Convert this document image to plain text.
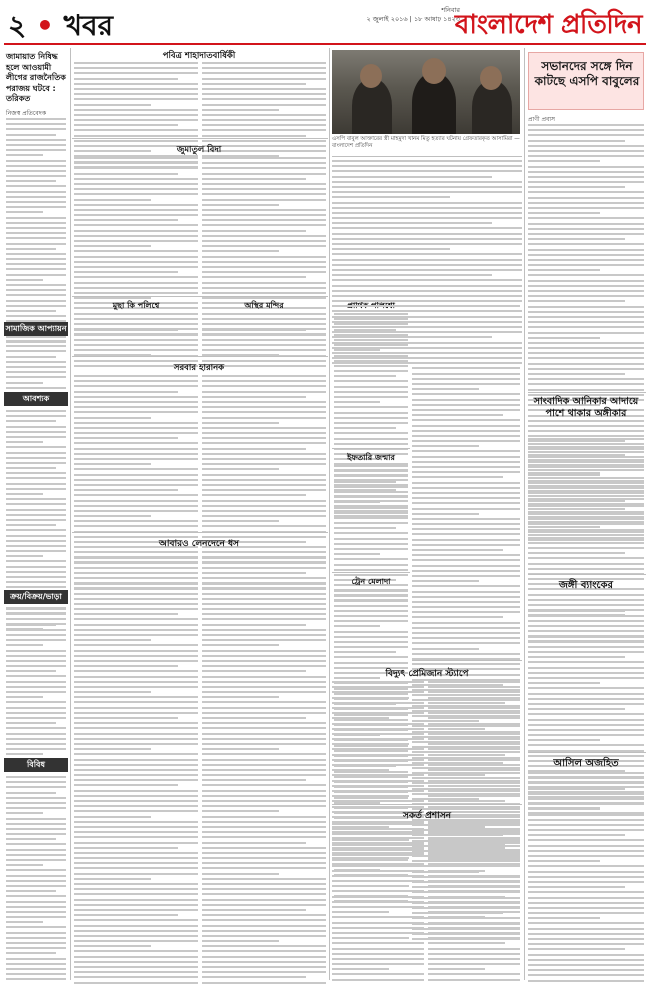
২ • খবর	শনিবার
২ জুলাই ২০১৬ | ১৮ আষাঢ় ১৪২৩
বাংলাদেশ প্রতিদিন
জামায়াত নিষিদ্ধ হলে আওয়ামী লীগের রাজনৈতিক পরাজয় ঘটবে : তরিকত
নিজস্ব প্রতিবেদক
সামাজিক আপ্যায়ন
আবশ্যক
ক্রয়/বিক্রয়/ভাড়া
বিবিধ
পবিত্র শাহাদাতবার্ষিকী
জুমাতুল বিদা
মুছা কি পলিশ্বে	অস্থির মন্দির
সরবার হারানক
আবারও লেনদেনে ধস
ইফতারি জন্মার
ট্রেন মেলাদা
এসপি বাবুল আক্তারের স্ত্রী মাহমুদা খানম মিতু হত্যার ঘটনায় গ্রেফতারকৃত আসামিরা —বাংলাদেশ প্রতিদিন
বিদ্যুৎ প্রেমিজান স্ট্যাপে
সকর্ত প্রশাসন
সভানদের সঙ্গে দিন কাটছে এসপি বাবুলের
প্রাণী প্রবাস
সাংবাদিক আনিকার আদায়ে পাশে থাকার অঙ্গীকার
জঙ্গী ব্যাংকের
আসিল অজহিত
